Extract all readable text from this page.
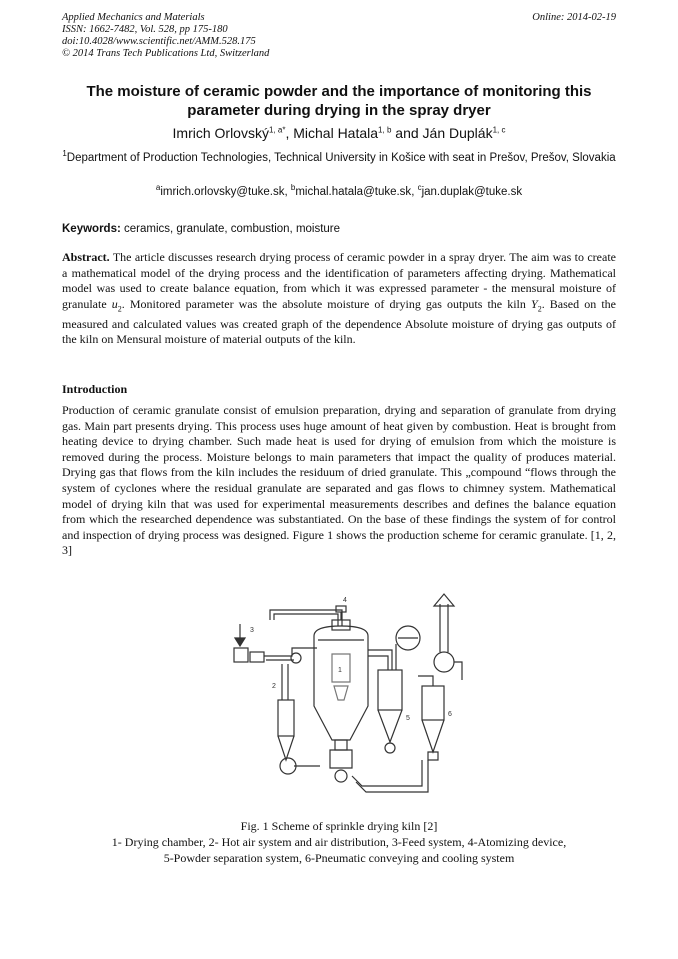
Applied Mechanics and Materials
ISSN: 1662-7482, Vol. 528, pp 175-180
doi:10.4028/www.scientific.net/AMM.528.175
© 2014 Trans Tech Publications Ltd, Switzerland
Online: 2014-02-19
The moisture of ceramic powder and the importance of monitoring this parameter during drying in the spray dryer
Imrich Orlovský$^{1, a*}$, Michal Hatala$^{1, b}$ and Ján Duplák$^{1, c}$
$^1$Department of Production Technologies, Technical University in Košice with seat in Prešov, Prešov, Slovakia
$^a$imrich.orlovsky@tuke.sk, $^b$michal.hatala@tuke.sk, $^c$jan.duplak@tuke.sk
Keywords: ceramics, granulate, combustion, moisture
Abstract. The article discusses research drying process of ceramic powder in a spray dryer. The aim was to create a mathematical model of the drying process and the identification of parameters affecting drying. Mathematical model was used to create balance equation, from which it was expressed parameter - the mensural moisture of granulate $u_2$. Monitored parameter was the absolute moisture of drying gas outputs the kiln $Y_2$. Based on the measured and calculated values was created graph of the dependence Absolute moisture of drying gas outputs of the kiln on Mensural moisture of material outputs of the kiln.
Introduction
Production of ceramic granulate consist of emulsion preparation, drying and separation of granulate from drying gas. Main part presents drying. This process uses huge amount of heat given by combustion. Heat is brought from heating device to drying chamber. Such made heat is used for drying of emulsion from which the moisture is removed during the process. Moisture belongs to main parameters that impact the quality of produces material. Drying gas that flows from the kiln includes the residuum of dried granulate. This „compound “flows through the system of cyclones where the residual granulate are separated and gas flows to chimney system. Mathematical model of drying kiln that was used for experimental measurements describes and defines the balance equation from which the researched dependence was substantiated. On the base of these findings the system of for control and inspection of drying process was designed. Figure 1 shows the production scheme for ceramic granulate. [1, 2, 3]
4
1
2
3
5
6
Fig. 1 Scheme of sprinkle drying kiln [2]
1- Drying chamber, 2- Hot air system and air distribution, 3-Feed system, 4-Atomizing device,
5-Powder separation system, 6-Pneumatic conveying and cooling system
